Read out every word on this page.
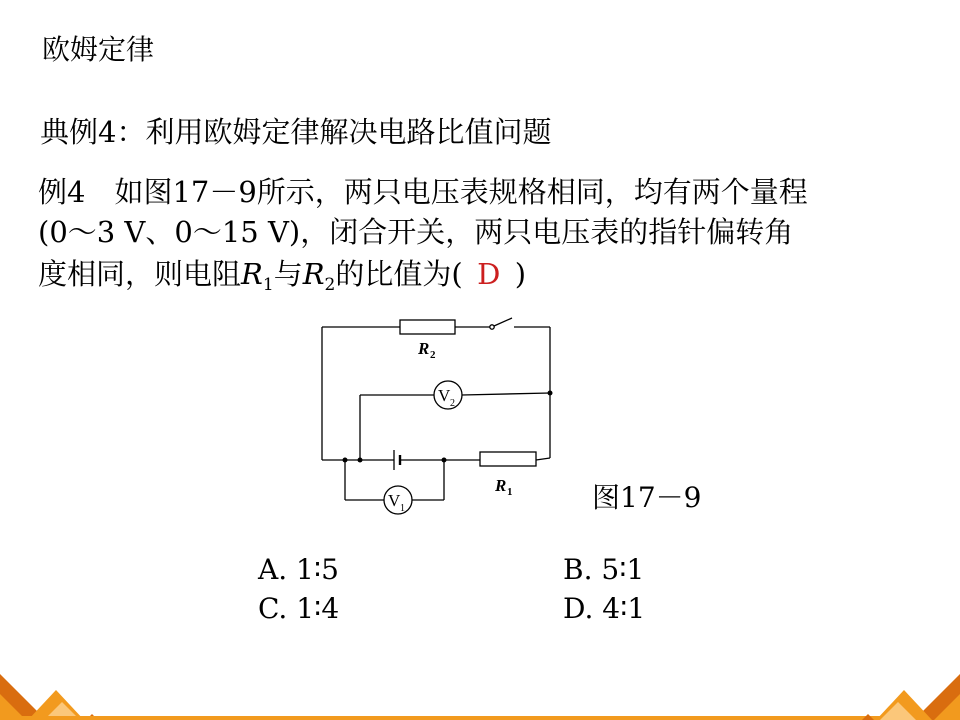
欧姆定律
典例4：利用欧姆定律解决电路比值问题
例4　如图17－9所示，两只电压表规格相同，均有两个量程
(0～3 V、0～15 V)，闭合开关，两只电压表的指针偏转角
度相同，则电阻$R_1$与$R_2$的比值为( D )
R 2
R 1
V 2
V 1	图17－9
A. 1∶5	B. 5∶1
C. 1∶4	D. 4∶1
